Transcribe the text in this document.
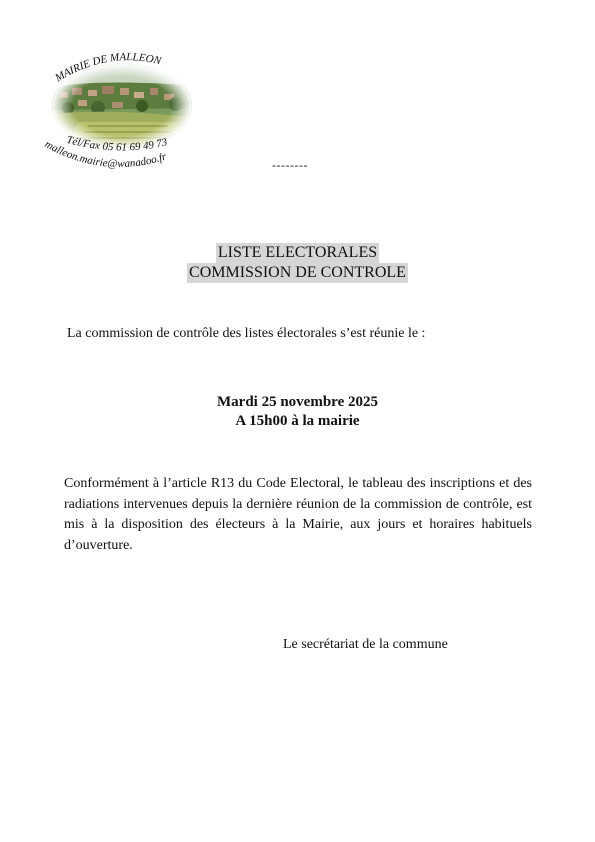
MAIRIE DE MALLEON
Tél/Fax 05 61 69 49 73
malleon.mairie@wanadoo.fr
--------
LISTE ELECTORALES
COMMISSION DE CONTROLE
La commission de contrôle des listes électorales s’est réunie le :
Mardi 25 novembre 2025
A 15h00 à la mairie
Conformément à l’article R13 du Code Electoral, le tableau des inscriptions et des radiations intervenues depuis la dernière réunion de la commission de contrôle, est mis à la disposition des électeurs à la Mairie, aux jours et horaires habituels d’ouverture.
Le secrétariat de la commune
